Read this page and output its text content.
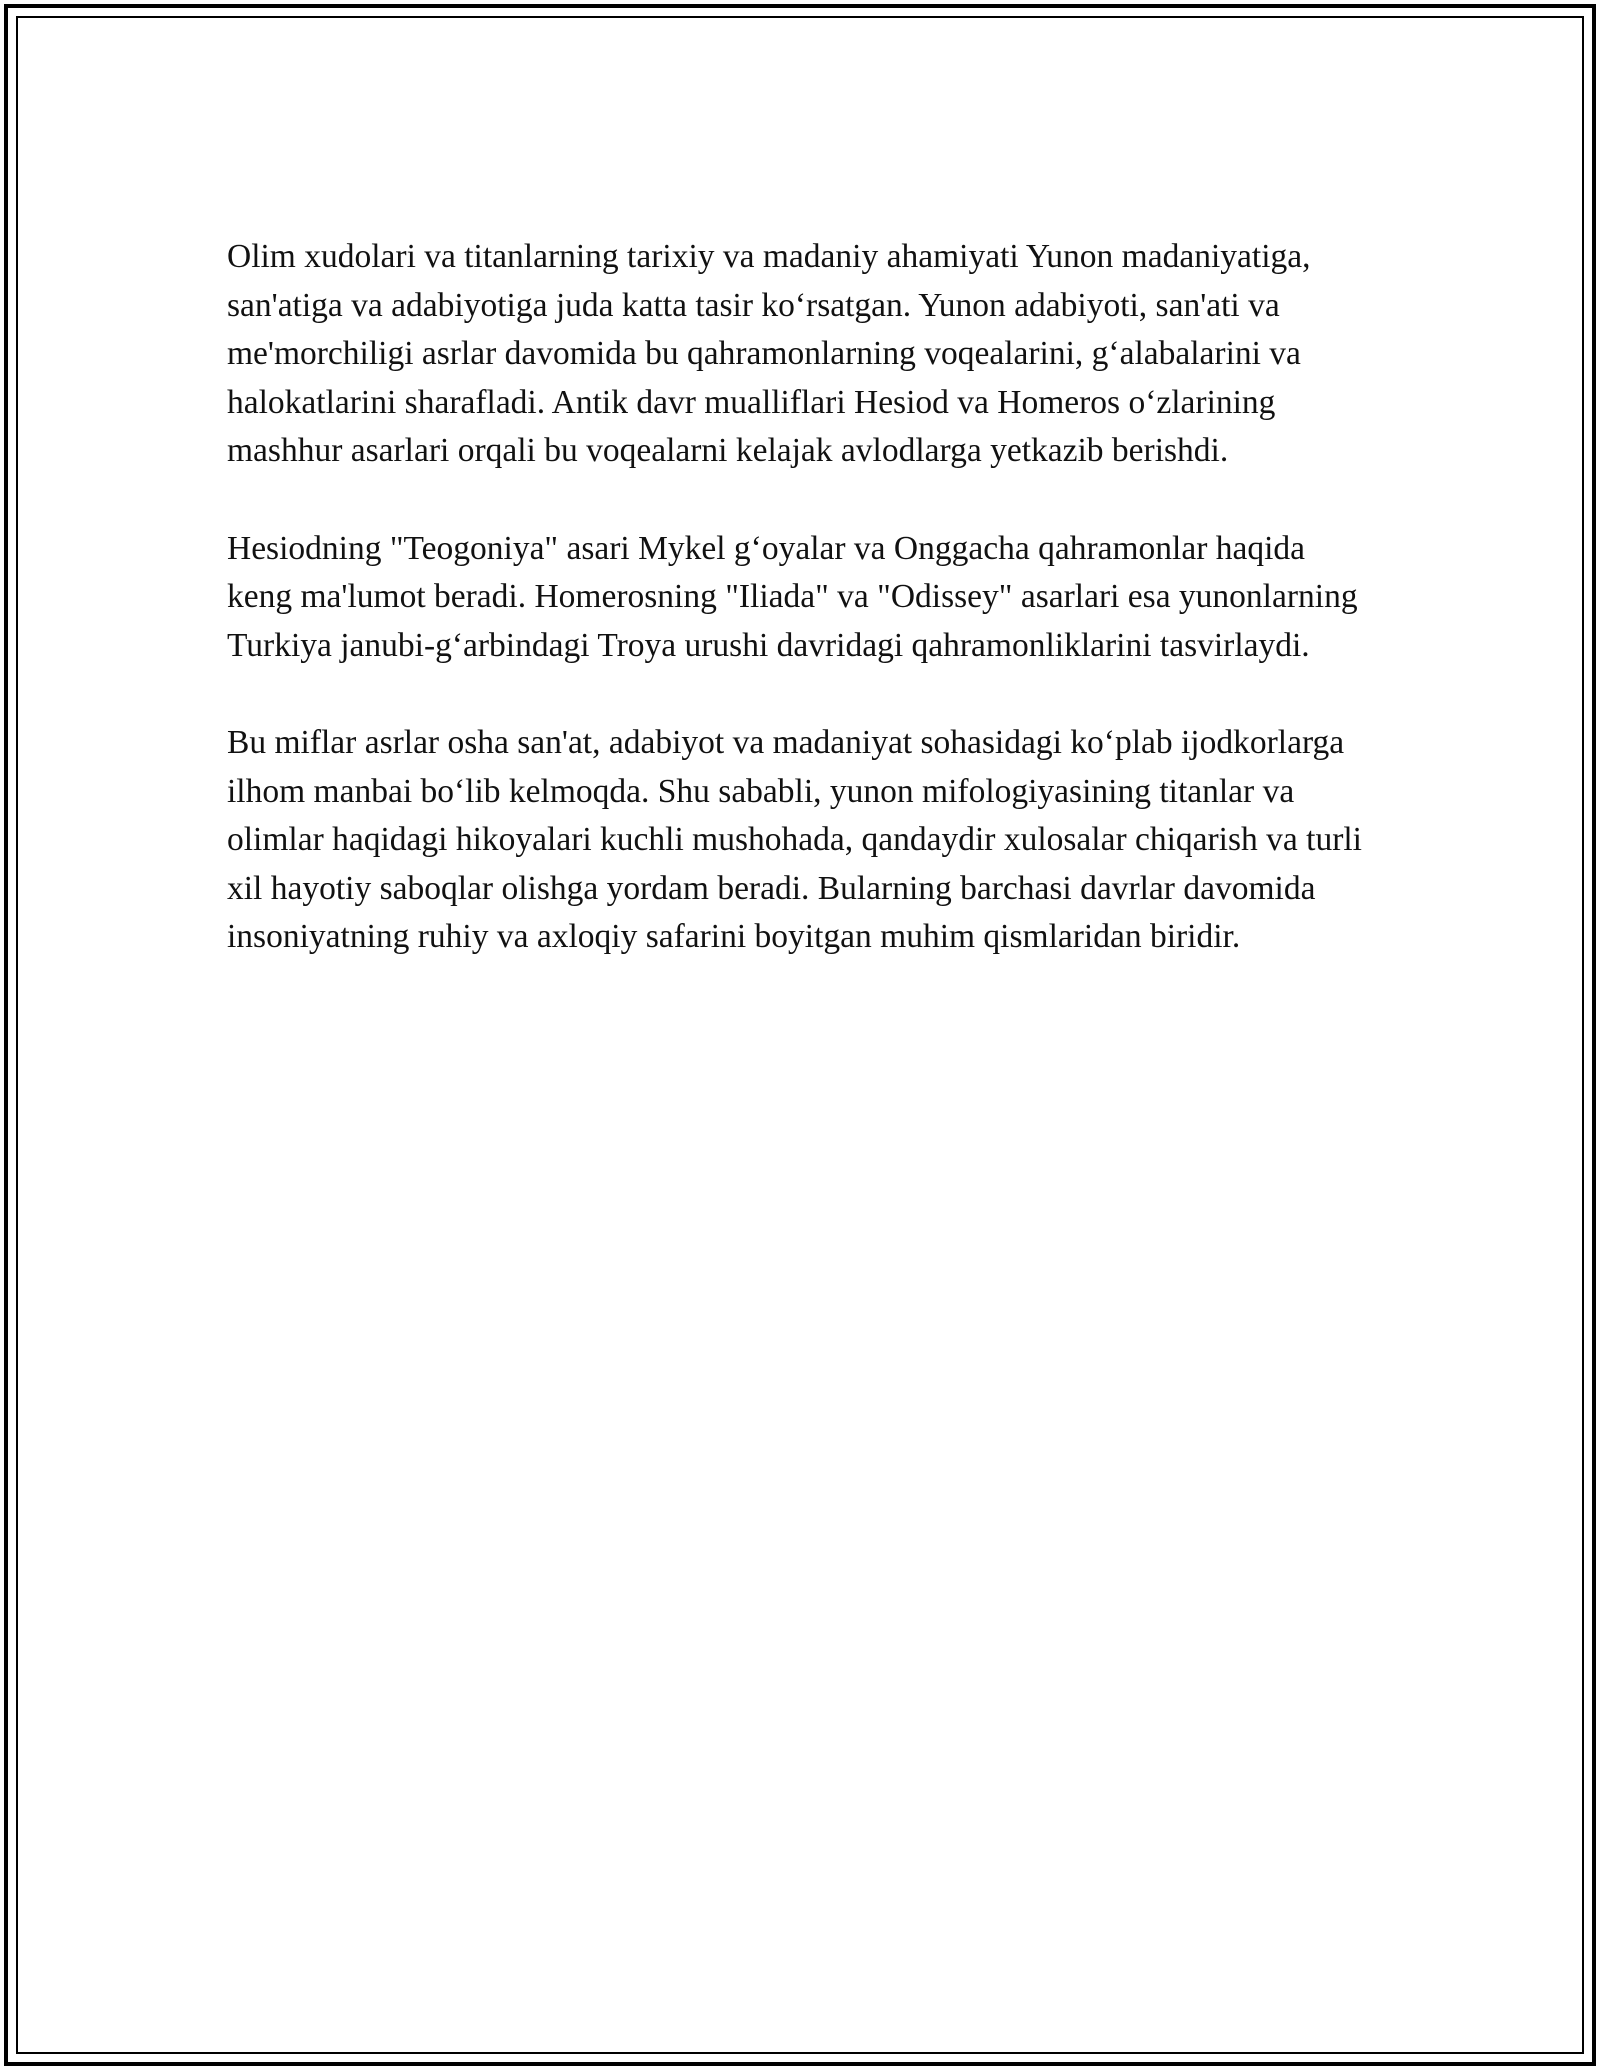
Olim xudolari va titanlarning tarixiy va madaniy ahamiyati Yunon madaniyatiga, san'atiga va adabiyotiga juda katta tasir koʻrsatgan. Yunon adabiyoti, san'ati va me'morchiligi asrlar davomida bu qahramonlarning voqealarini, gʻalabalarini va halokatlarini sharafladi. Antik davr mualliflari Hesiod va Homeros oʻzlarining mashhur asarlari orqali bu voqealarni kelajak avlodlarga yetkazib berishdi.

Hesiodning "Teogoniya" asari Mykel gʻoyalar va Onggacha qahramonlar haqida keng ma'lumot beradi. Homerosning "Iliada" va "Odissey" asarlari esa yunonlarning Turkiya janubi-gʻarbindagi Troya urushi davridagi qahramonliklarini tasvirlaydi.

Bu miflar asrlar osha san'at, adabiyot va madaniyat sohasidagi koʻplab ijodkorlarga ilhom manbai boʻlib kelmoqda. Shu sababli, yunon mifologiyasining titanlar va olimlar haqidagi hikoyalari kuchli mushohada, qandaydir xulosalar chiqarish va turli xil hayotiy saboqlar olishga yordam beradi. Bularning barchasi davrlar davomida insoniyatning ruhiy va axloqiy safarini boyitgan muhim qismlaridan biridir.
